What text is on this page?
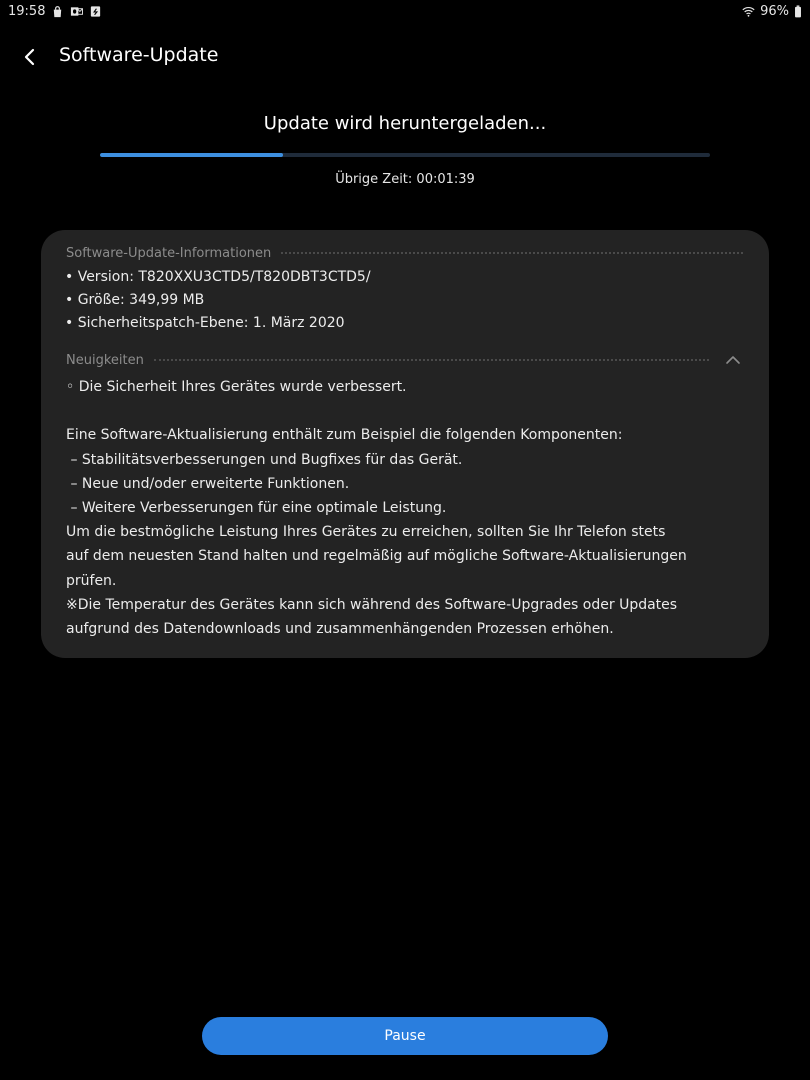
19:58	96%
Software-Update
Update wird heruntergeladen...
Übrige Zeit: 00:01:39
Software-Update-Informationen
• Version: T820XXU3CTD5/T820DBT3CTD5/
• Größe: 349,99 MB
• Sicherheitspatch-Ebene: 1. März 2020
Neuigkeiten
◦ Die Sicherheit Ihres Gerätes wurde verbessert.
Eine Software-Aktualisierung enthält zum Beispiel die folgenden Komponenten:
– Stabilitätsverbesserungen und Bugfixes für das Gerät.
– Neue und/oder erweiterte Funktionen.
– Weitere Verbesserungen für eine optimale Leistung.
Um die bestmögliche Leistung Ihres Gerätes zu erreichen, sollten Sie Ihr Telefon stets
auf dem neuesten Stand halten und regelmäßig auf mögliche Software-Aktualisierungen
prüfen.
※Die Temperatur des Gerätes kann sich während des Software-Upgrades oder Updates
aufgrund des Datendownloads und zusammenhängenden Prozessen erhöhen.
Pause
